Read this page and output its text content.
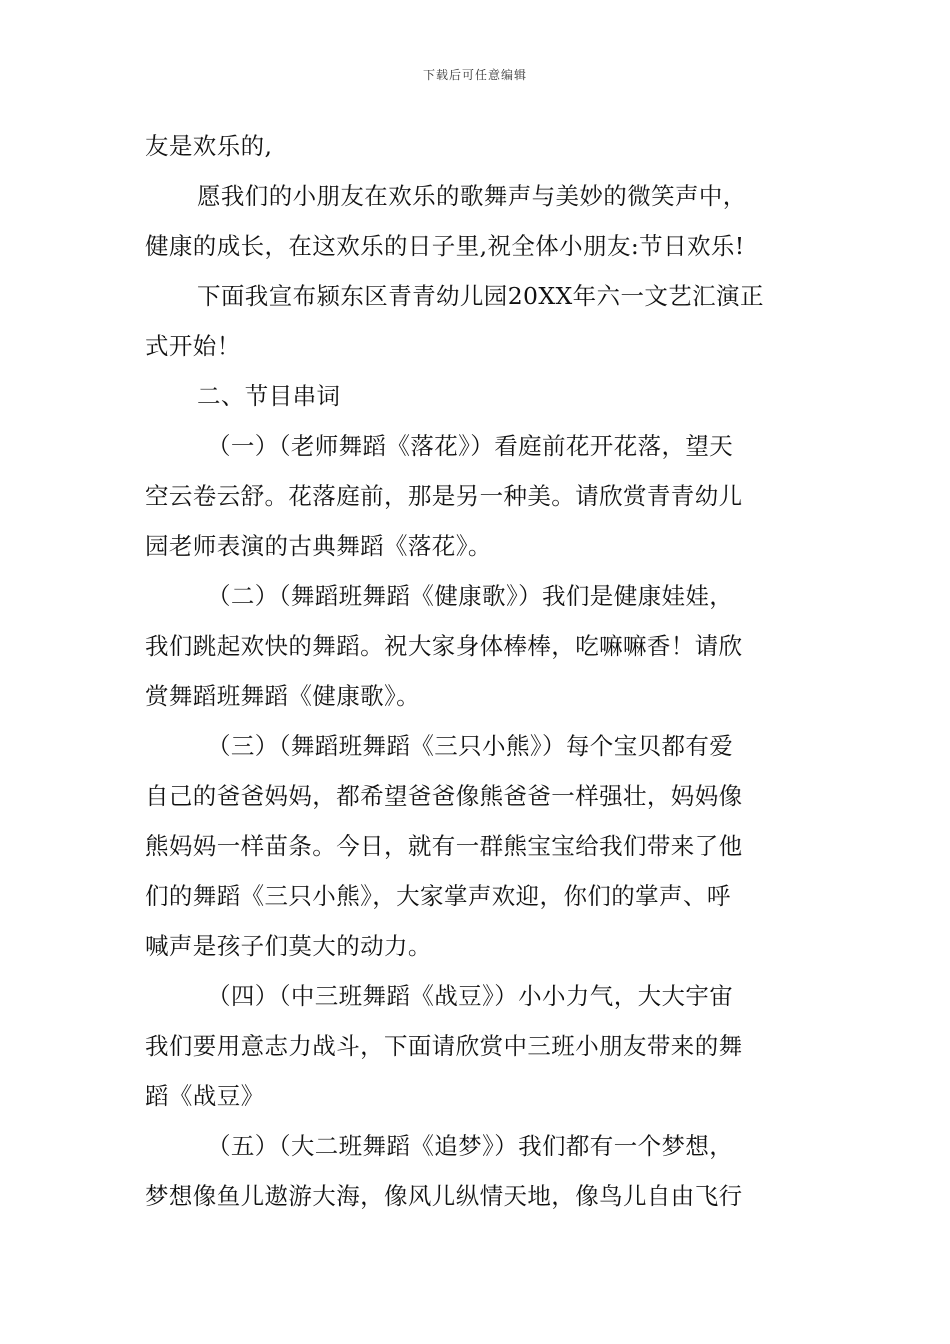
下载后可任意编辑
友是欢乐的,
愿我们的小朋友在欢乐的歌舞声与美妙的微笑声中，
健康的成长，在这欢乐的日子里,祝全体小朋友:节日欢乐!
下面我宣布颍东区青青幼儿园20XX年六一文艺汇演正
式开始！
二、节目串词
（一）（老师舞蹈《落花》）看庭前花开花落，望天
空云卷云舒。花落庭前，那是另一种美。请欣赏青青幼儿
园老师表演的古典舞蹈《落花》。
（二）（舞蹈班舞蹈《健康歌》）我们是健康娃娃，
我们跳起欢快的舞蹈。祝大家身体棒棒，吃嘛嘛香！请欣
赏舞蹈班舞蹈《健康歌》。
（三）（舞蹈班舞蹈《三只小熊》）每个宝贝都有爱
自己的爸爸妈妈，都希望爸爸像熊爸爸一样强壮，妈妈像
熊妈妈一样苗条。今日，就有一群熊宝宝给我们带来了他
们的舞蹈《三只小熊》，大家掌声欢迎，你们的掌声、呼
喊声是孩子们莫大的动力。
（四）（中三班舞蹈《战豆》）小小力气，大大宇宙
我们要用意志力战斗，下面请欣赏中三班小朋友带来的舞
蹈《战豆》
（五）（大二班舞蹈《追梦》）我们都有一个梦想，
梦想像鱼儿遨游大海，像风儿纵情天地，像鸟儿自由飞行
